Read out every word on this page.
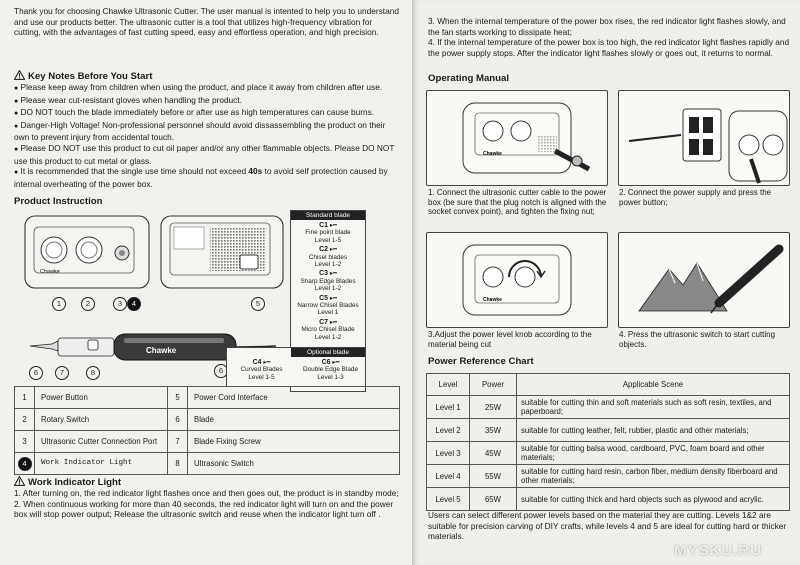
Thank you for choosing Chawke Ultrasonic Cutter. The user manual is intented to help you to understand and use our products better. The ultrasonic cutter is a tool that utilizes high-frequency vibration for cutting, with the advantages of fast cutting speed, easy and effortless operation, and high precision.
Key Notes Before You Start
● Please keep away from children when using the product, and place it away from children after use.
● Please wear cut-resistant gloves when handling the product.
● DO NOT touch the blade immediately before or after use as high temperatures can cause burns.
● Danger-High Voltage! Non-professional personnel should avoid dissassembling the product on their own to prevent injury from accidental touch.
● Please DO NOT use this product to cut oil paper and/or any other flammable objects. Please DO NOT use this product to cut metal or glass.
● It is recommended that the single use time should not exceed 40s to avoid self protection caused by internal overheating of the power box.
Product Instruction
Chawke
Chawke
1	2	3	4	5
6	7	8	6
Standard blade
C1 ▸━
Fine point blade
Level 1-5
C2 ▸━
Chisel blades
Level 1-2
C3 ▸━
Sharp Edge Blades
Level 1-2
C5 ▸━
Narrow Chisel Blades
Level 1
C7 ▸━
Micro Chisel Blade
Level 1-2
Optional blade
C4 ▸━
Curved Blades
Level 1-5
C6 ▸━
Double Edge Blade
Level 1-3
1	Power Button	5	Power Cord Interface
2	Rotary Switch	6	Blade
3	Ultrasonic Cutter Connection Port	7	Blade Fixing Screw
4	Work Indicator Light	8	Ultrasonic Switch
Work Indicator Light
1. After turning on, the red indicator light flashes once and then goes out, the product is in standby mode;
2. When continuous working for more than 40 seconds, the red indicator light will turn on and the power box will stop power output; Release the ultrasonic switch and reuse when the indicator light turn off .
3. When the internal temperature of the power box rises, the red indicator light flashes slowly, and the fan starts working to dissipate heat;
4. If the internal temperature of the power box is too high, the red indicator light flashes rapidly and the power supply stops. After the indicator light flashes slowly or goes out, it returns to normal.
Operating Manual
Chawke
1. Connect the ultrasonic cutter cable to the power box (be sure that the plug notch is aligned with the socket convex point), and tighten the fixing nut;
2. Connect the power supply and press the power button;
Chawke
3.Adjust the power level knob according to the material being cut
4. Press the ultrasonic switch to start cutting objects.
Power Reference Chart
Level	Power	Applicable Scene
Level 1	25W	suitable for cutting thin and soft materials such as soft resin, textiles, and paperboard;
Level 2	35W	suitable for cutting leather, felt, rubber, plastic and other materials;
Level 3	45W	suitable for cutting balsa wood, cardboard, PVC, foam board and other materials;
Level 4	55W	suitable for cutting hard resin, carbon fiber, medium density fiberboard and other materials;
Level 5	65W	suitable for cutting thick and hard objects such as plywood and acrylic.
Users can select different power levels based on the material they are cutting. Levels 1&2 are suitable for precision carving of DIY crafts, while levels 4 and 5 are ideal for cutting hard or thicker materials.
MYSKU.RU
